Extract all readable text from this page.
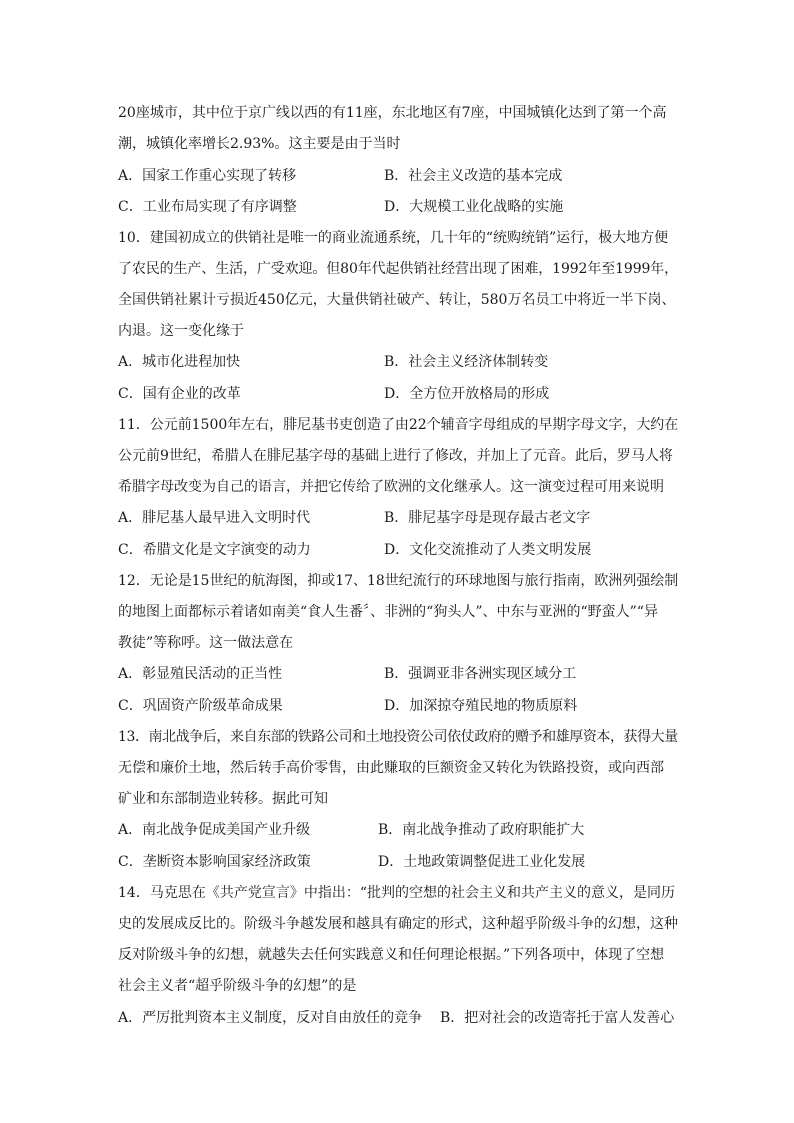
20座城市，其中位于京广线以西的有11座，东北地区有7座，中国城镇化达到了第一个高
潮，城镇化率增长2.93%。这主要是由于当时
A．国家工作重心实现了转移	B．社会主义改造的基本完成
C．工业布局实现了有序调整	D．大规模工业化战略的实施
10．建国初成立的供销社是唯一的商业流通系统，几十年的“统购统销”运行，极大地方便
了农民的生产、生活，广受欢迎。但80年代起供销社经营出现了困难，1992年至1999年，
全国供销社累计亏损近450亿元，大量供销社破产、转让，580万名员工中将近一半下岗、
内退。这一变化缘于
A．城市化进程加快	B．社会主义经济体制转变
C．国有企业的改革	D．全方位开放格局的形成
11．公元前1500年左右，腓尼基书吏创造了由22个辅音字母组成的早期字母文字，大约在
公元前9世纪，希腊人在腓尼基字母的基础上进行了修改，并加上了元音。此后，罗马人将
希腊字母改变为自己的语言，并把它传给了欧洲的文化继承人。这一演变过程可用来说明
A．腓尼基人最早进入文明时代	B．腓尼基字母是现存最古老文字
C．希腊文化是文字演变的动力	D．文化交流推动了人类文明发展
12．无论是15世纪的航海图，抑或17、18世纪流行的环球地图与旅行指南，欧洲列强绘制
的地图上面都标示着诸如南美“食人生番〞、非洲的“狗头人”、中东与亚洲的“野蛮人”“异
教徒”等称呼。这一做法意在
A．彰显殖民活动的正当性	B．强调亚非各洲实现区域分工
C．巩固资产阶级革命成果	D．加深掠夺殖民地的物质原料
13．南北战争后，来自东部的铁路公司和土地投资公司依仗政府的赠予和雄厚资本，获得大量
无偿和廉价土地，然后转手高价零售，由此赚取的巨额资金又转化为铁路投资，或向西部
矿业和东部制造业转移。据此可知
A．南北战争促成美国产业升级	B．南北战争推动了政府职能扩大
C．垄断资本影响国家经济政策	D．土地政策调整促进工业化发展
14．马克思在《共产党宣言》中指出：“批判的空想的社会主义和共产主义的意义，是同历
史的发展成反比的。阶级斗争越发展和越具有确定的形式，这种超乎阶级斗争的幻想，这种
反对阶级斗争的幻想，就越失去任何实践意义和任何理论根据。”下列各项中，体现了空想
社会主义者“超乎阶级斗争的幻想”的是
A．严厉批判资本主义制度，反对自由放任的竞争 B．把对社会的改造寄托于富人发善心
